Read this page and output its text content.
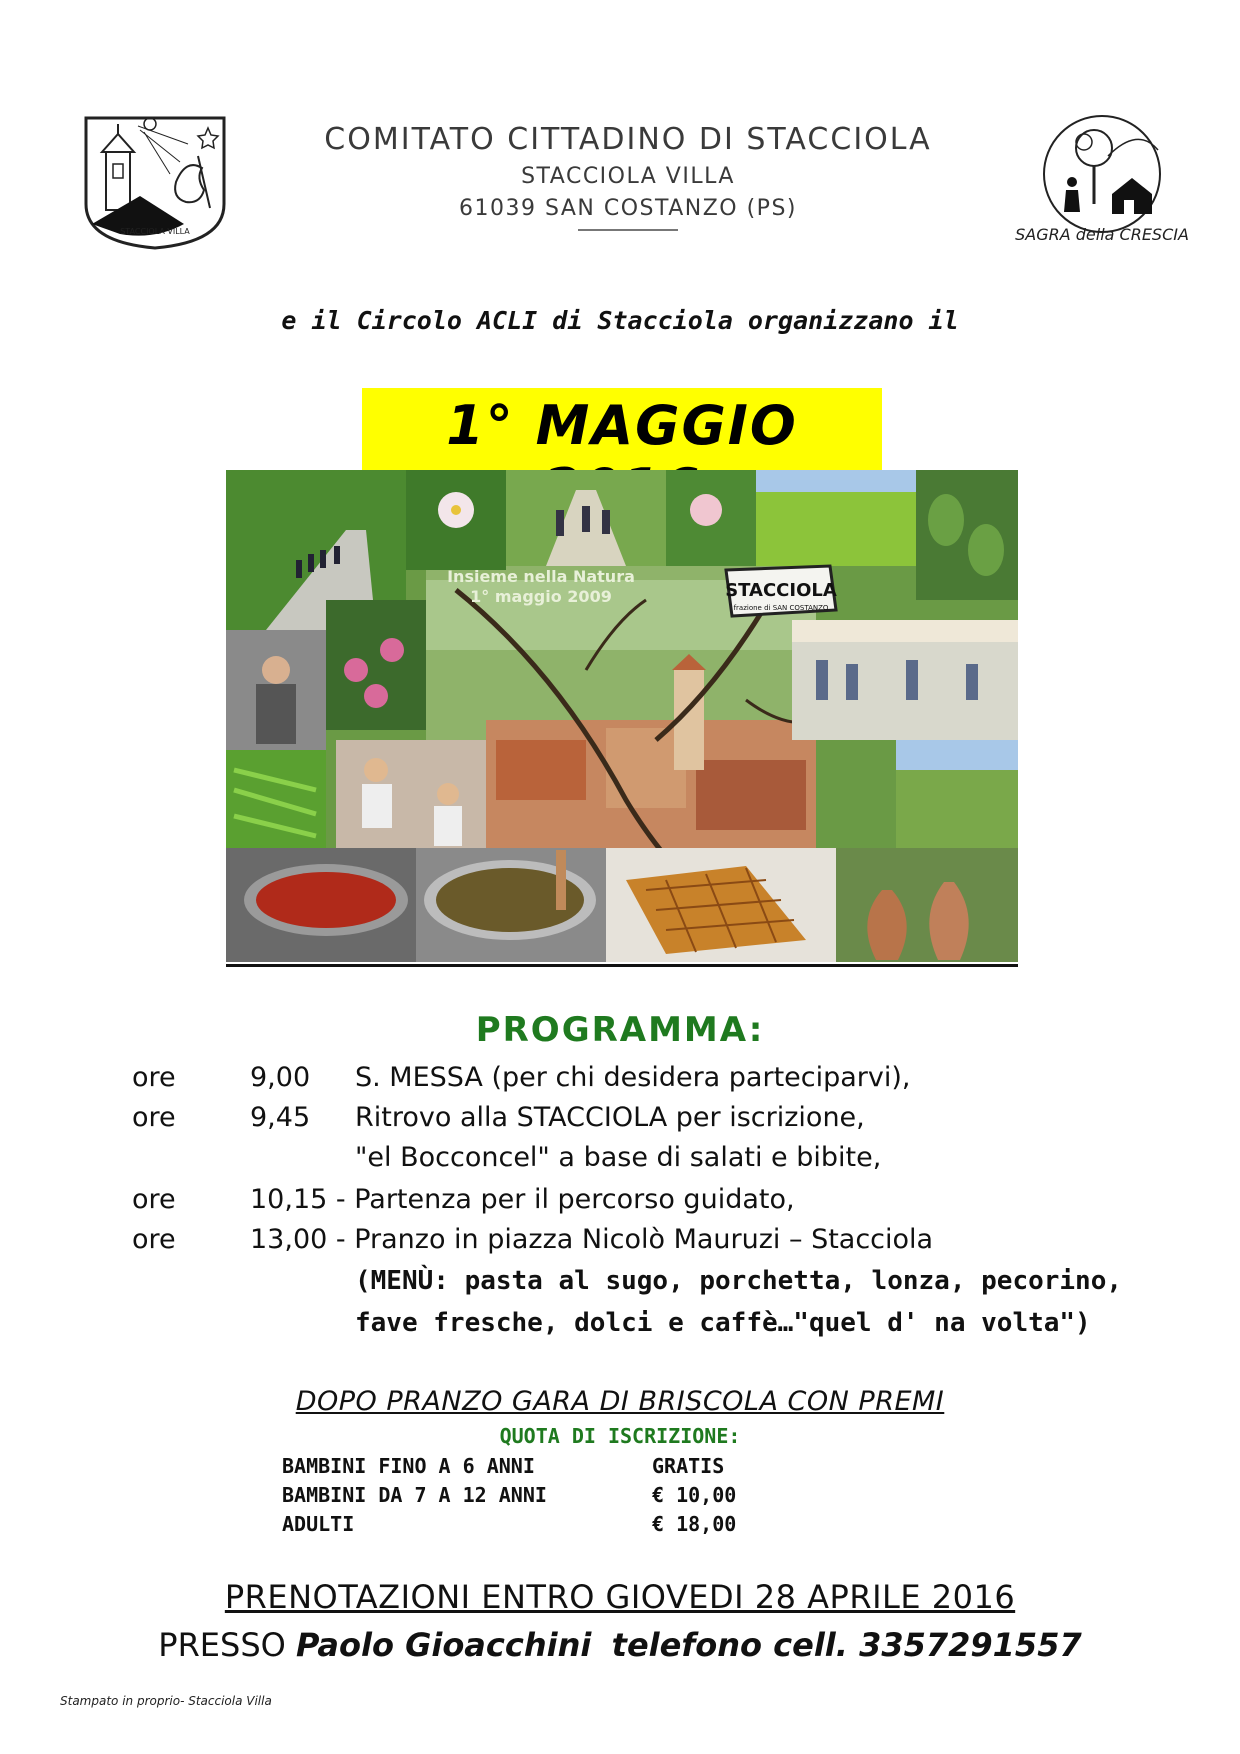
STACCIOLA VILLA
COMITATO CITTADINO DI STACCIOLA
STACCIOLA VILLA
61039 SAN COSTANZO (PS)
SAGRA della CRESCIA
e il Circolo ACLI di Stacciola organizzano il
1° MAGGIO
Insieme nella Natura
1° maggio 2009	STACCIOLA
frazione di SAN COSTANZO
PROGRAMMA:
ore	9,00 S. MESSA (per chi desidera parteciparvi),
ore	9,45 Ritrovo alla STACCIOLA per iscrizione,
"el Bocconcel" a base di salati e bibite,
ore	10,15 - Partenza per il percorso guidato,
ore	13,00 - Pranzo in piazza Nicolò Mauruzi – Stacciola
(MENÙ: pasta al sugo, porchetta, lonza, pecorino,
fave fresche, dolci e caffè…"quel d' na volta")
DOPO PRANZO GARA DI BRISCOLA CON PREMI
QUOTA DI ISCRIZIONE:
BAMBINI FINO A 6 ANNI	GRATIS
BAMBINI DA 7 A 12 ANNI	€ 10,00
ADULTI	€ 18,00
PRENOTAZIONI ENTRO GIOVEDI 28 APRILE 2016
PRESSO Paolo Gioacchini telefono cell. 3357291557
Stampato in proprio- Stacciola Villa
